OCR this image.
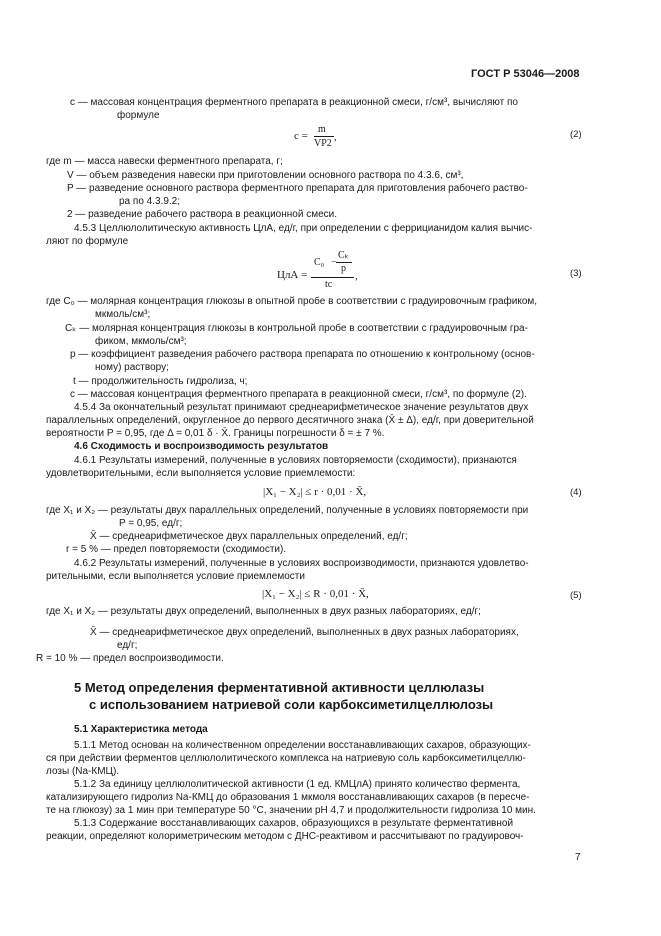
ГОСТ Р 53046—2008
с — массовая концентрация ферментного препарата в реакционной смеси, г/см³, вычисляют по
формуле
c =
m
VP2
,	(2)
где m — масса навески ферментного препарата, г;
V — объем разведения навески при приготовлении основного раствора по 4.3.6, см³,
P — разведение основного раствора ферментного препарата для приготовления рабочего раство-
ра по 4.3.9.2;
2 — разведение рабочего раствора в реакционной смеси.
4.5.3 Целлюлолитическую активность ЦлА, ед/г, при определении с феррицианидом калия вычис-
ляют по формуле
ЦлА =
C₀ −
Cₖ
p
tc
,	(3)
где С₀ — молярная концентрация глюкозы в опытной пробе в соответствии с градуировочным графиком,
мкмоль/см³;
Сₖ — молярная концентрация глюкозы в контрольной пробе в соответствии с градуировочным гра-
фиком, мкмоль/см³;
p — коэффициент разведения рабочего раствора препарата по отношению к контрольному (основ-
ному) раствору;
t — продолжительность гидролиза, ч;
с — массовая концентрация ферментного препарата в реакционной смеси, г/см³, по формуле (2).
4.5.4 За окончательный результат принимают среднеарифметическое значение результатов двух
параллельных определений, округленное до первого десятичного знака (X̄ ± Δ), ед/г, при доверительной
вероятности P = 0,95, где Δ = 0,01 δ · X̄. Границы погрешности δ = ± 7 %.
4.6 Сходимость и воспроизводимость результатов
4.6.1 Результаты измерений, полученные в условиях повторяемости (сходимости), признаются
удовлетворительными, если выполняется условие приемлемости:
|X₁ − X₂| ≤ r · 0,01 · X̄,	(4)
где X₁ и X₂ — результаты двух параллельных определений, полученные в условиях повторяемости при
P = 0,95, ед/г;
X̄ — среднеарифметическое двух параллельных определений, ед/г;
r = 5 % — предел повторяемости (сходимости).
4.6.2 Результаты измерений, полученные в условиях воспроизводимости, признаются удовлетво-
рительными, если выполняется условие приемлемости
|X₁ − X₂| ≤ R · 0,01 · X̄,	(5)
где X₁ и X₂ — результаты двух определений, выполненных в двух разных лабораториях, ед/г;
X̄ — среднеарифметическое двух определений, выполненных в двух разных лабораториях,
ед/г;
R = 10 % — предел воспроизводимости.
5 Метод определения ферментативной активности целлюлазы
с использованием натриевой соли карбоксиметилцеллюлозы
5.1 Характеристика метода
5.1.1 Метод основан на количественном определении восстанавливающих сахаров, образующих-
ся при действии ферментов целлюлолитического комплекса на натриевую соль карбоксиметилцеллю-
лозы (Na-КМЦ).
5.1.2 За единицу целлюлолитической активности (1 ед. КМЦлА) принято количество фермента,
катализирующего гидролиз Na-КМЦ до образования 1 мкмоля восстанавливающих сахаров (в пересче-
те на глюкозу) за 1 мин при температуре 50 °С, значении pH 4,7 и продолжительности гидролиза 10 мин.
5.1.3 Содержание восстанавливающих сахаров, образующихся в результате ферментативной
реакции, определяют колориметрическим методом с ДНС-реактивом и рассчитывают по градуировоч-
7
